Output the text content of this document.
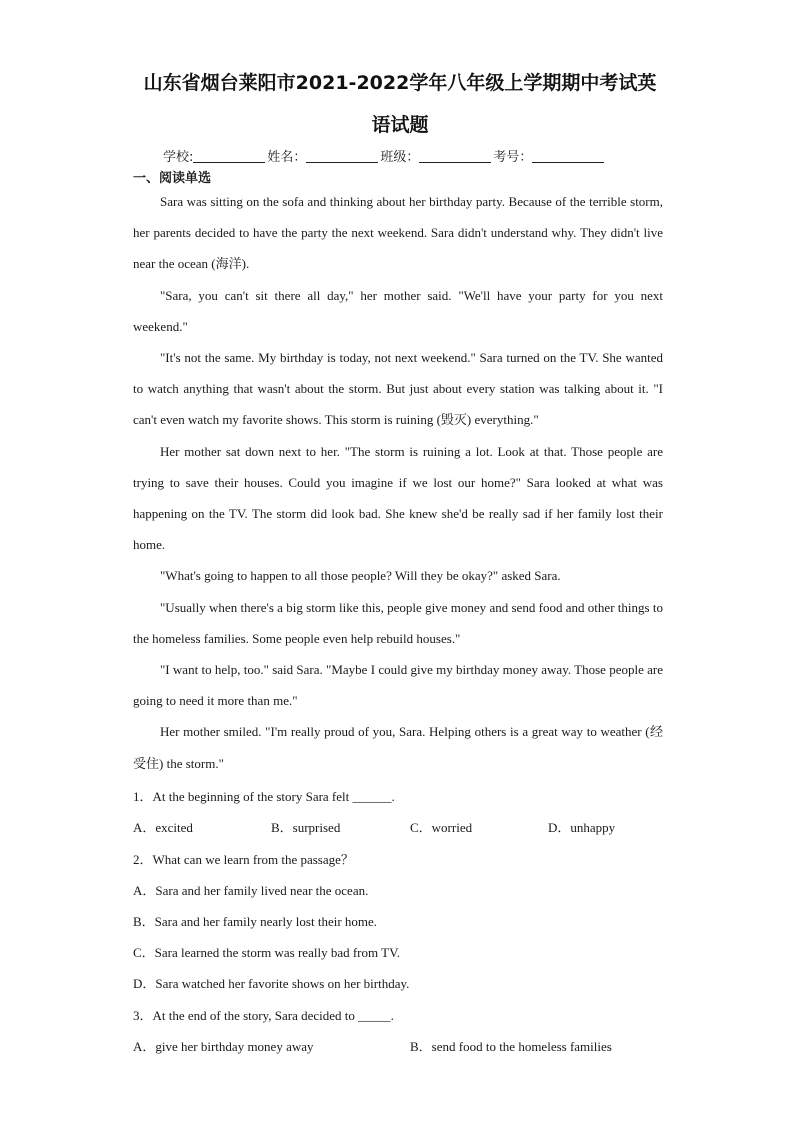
山东省烟台莱阳市2021-2022学年八年级上学期期中考试英
语试题
学校:	姓名：	班级：	考号：
一、阅读单选

Sara was sitting on the sofa and thinking about her birthday party. Because of the terrible storm, her parents decided to have the party the next weekend. Sara didn't understand why. They didn't live near the ocean (海洋).

"Sara, you can't sit there all day," her mother said. "We'll have your party for you next weekend."

"It's not the same. My birthday is today, not next weekend." Sara turned on the TV. She wanted to watch anything that wasn't about the storm. But just about every station was talking about it. "I can't even watch my favorite shows. This storm is ruining (毁灭) everything."

Her mother sat down next to her. "The storm is ruining a lot. Look at that. Those people are trying to save their houses. Could you imagine if we lost our home?" Sara looked at what was happening on the TV. The storm did look bad. She knew she'd be really sad if her family lost their home.

"What's going to happen to all those people? Will they be okay?" asked Sara.

"Usually when there's a big storm like this, people give money and send food and other things to the homeless families. Some people even help rebuild houses."

"I want to help, too." said Sara. "Maybe I could give my birthday money away. Those people are going to need it more than me."

Her mother smiled. "I'm really proud of you, Sara. Helping others is a great way to weather (经受住) the storm."

1．At the beginning of the story Sara felt ______.
A．excited	B．surprised	C．worried	D．unhappy
2．What can we learn from the passage？
A．Sara and her family lived near the ocean.
B．Sara and her family nearly lost their home.
C．Sara learned the storm was really bad from TV.
D．Sara watched her favorite shows on her birthday.
3．At the end of the story, Sara decided to _____.
A．give her birthday money away	B．send food to the homeless families
